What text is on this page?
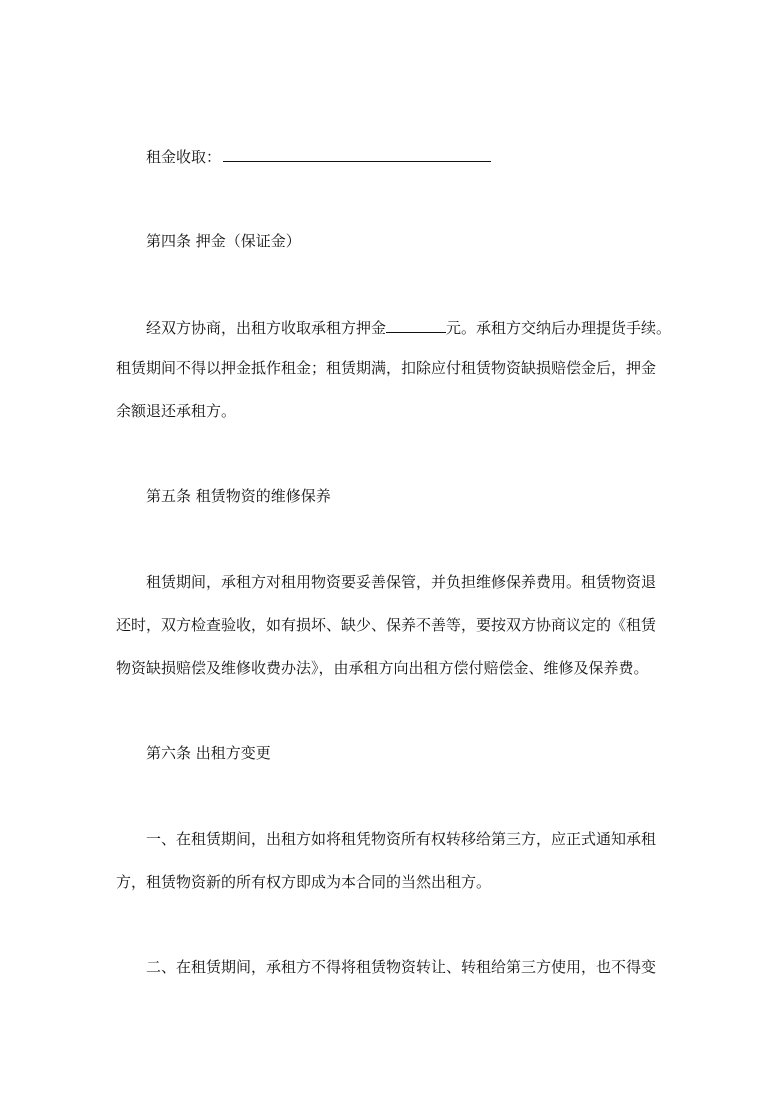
租金收取：
第四条 押金（保证金）
经双方协商，出租方收取承租方押金	元。承租方交纳后办理提货手续。
租赁期间不得以押金抵作租金；租赁期满，扣除应付租赁物资缺损赔偿金后，押金
余额退还承租方。
第五条 租赁物资的维修保养
租赁期间，承租方对租用物资要妥善保管，并负担维修保养费用。租赁物资退
还时，双方检查验收，如有损坏、缺少、保养不善等，要按双方协商议定的《租赁
物资缺损赔偿及维修收费办法》，由承租方向出租方偿付赔偿金、维修及保养费。
第六条 出租方变更
一、在租赁期间，出租方如将租凭物资所有权转移给第三方，应正式通知承租
方，租赁物资新的所有权方即成为本合同的当然出租方。
二、在租赁期间，承租方不得将租赁物资转让、转租给第三方使用，也不得变
